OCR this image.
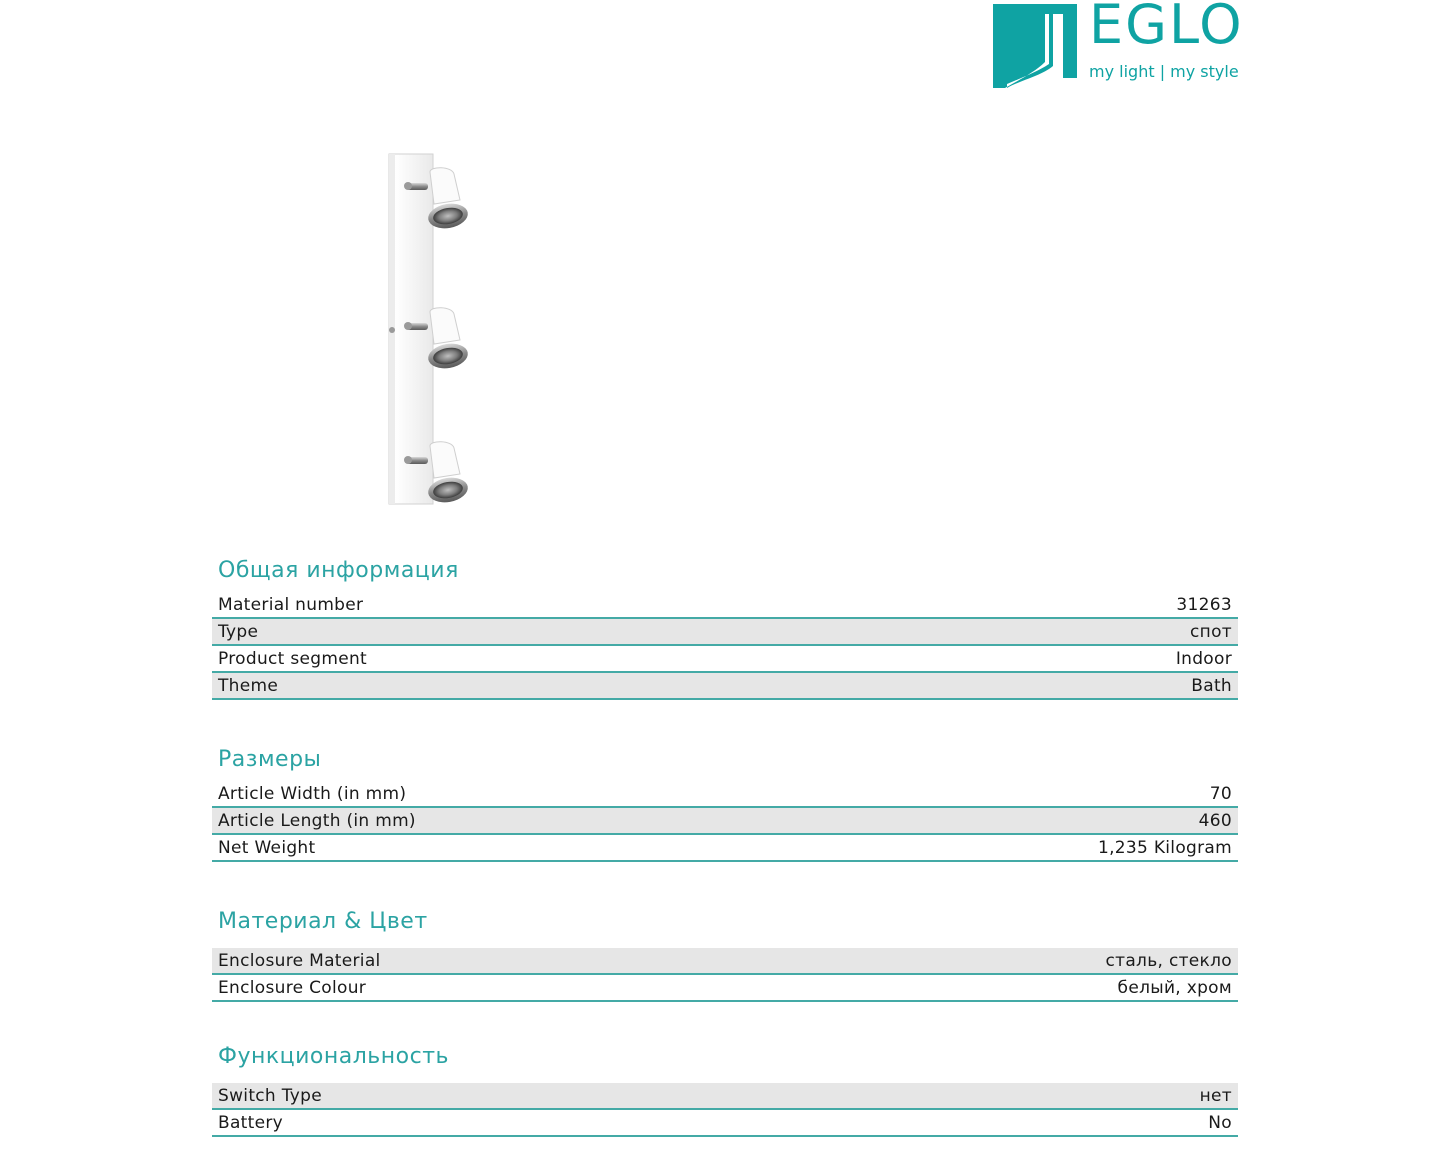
EGLO
my light | my style
Общая информация
Material number	31263
Type	спот
Product segment	Indoor
Theme	Bath
Размеры
Article Width (in mm)	70
Article Length (in mm)	460
Net Weight	1,235 Kilogram
Материал & Цвет
Enclosure Material	сталь, стекло
Enclosure Colour	белый, хром
Функциональность
Switch Type	нет
Battery	No
